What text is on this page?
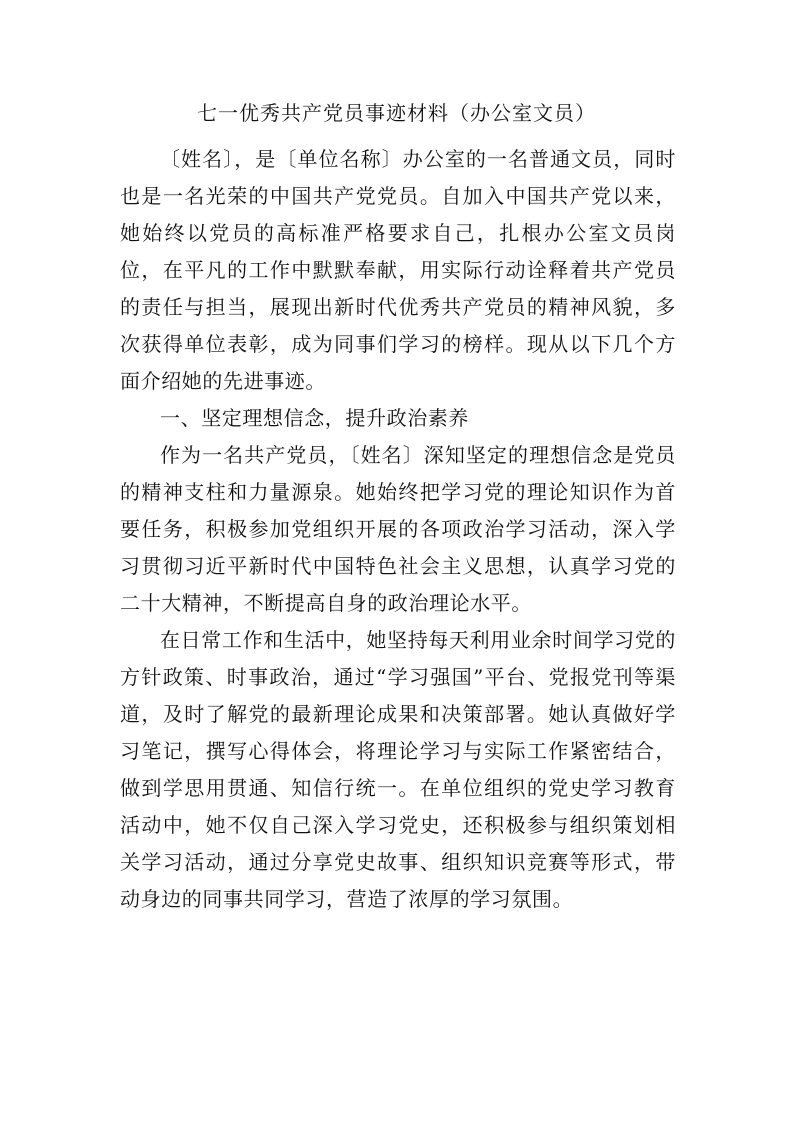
七一优秀共产党员事迹材料（办公室文员）

〔姓名〕，是〔单位名称〕办公室的一名普通文员，同时也是一名光荣的中国共产党党员。自加入中国共产党以来，她始终以党员的高标准严格要求自己，扎根办公室文员岗位，在平凡的工作中默默奉献，用实际行动诠释着共产党员的责任与担当，展现出新时代优秀共产党员的精神风貌，多次获得单位表彰，成为同事们学习的榜样。现从以下几个方面介绍她的先进事迹。

一、坚定理想信念，提升政治素养

作为一名共产党员，〔姓名〕深知坚定的理想信念是党员的精神支柱和力量源泉。她始终把学习党的理论知识作为首要任务，积极参加党组织开展的各项政治学习活动，深入学习贯彻习近平新时代中国特色社会主义思想，认真学习党的二十大精神，不断提高自身的政治理论水平。

在日常工作和生活中，她坚持每天利用业余时间学习党的方针政策、时事政治，通过“学习强国”平台、党报党刊等渠道，及时了解党的最新理论成果和决策部署。她认真做好学习笔记，撰写心得体会，将理论学习与实际工作紧密结合，做到学思用贯通、知信行统一。在单位组织的党史学习教育活动中，她不仅自己深入学习党史，还积极参与组织策划相关学习活动，通过分享党史故事、组织知识竞赛等形式，带动身边的同事共同学习，营造了浓厚的学习氛围。
